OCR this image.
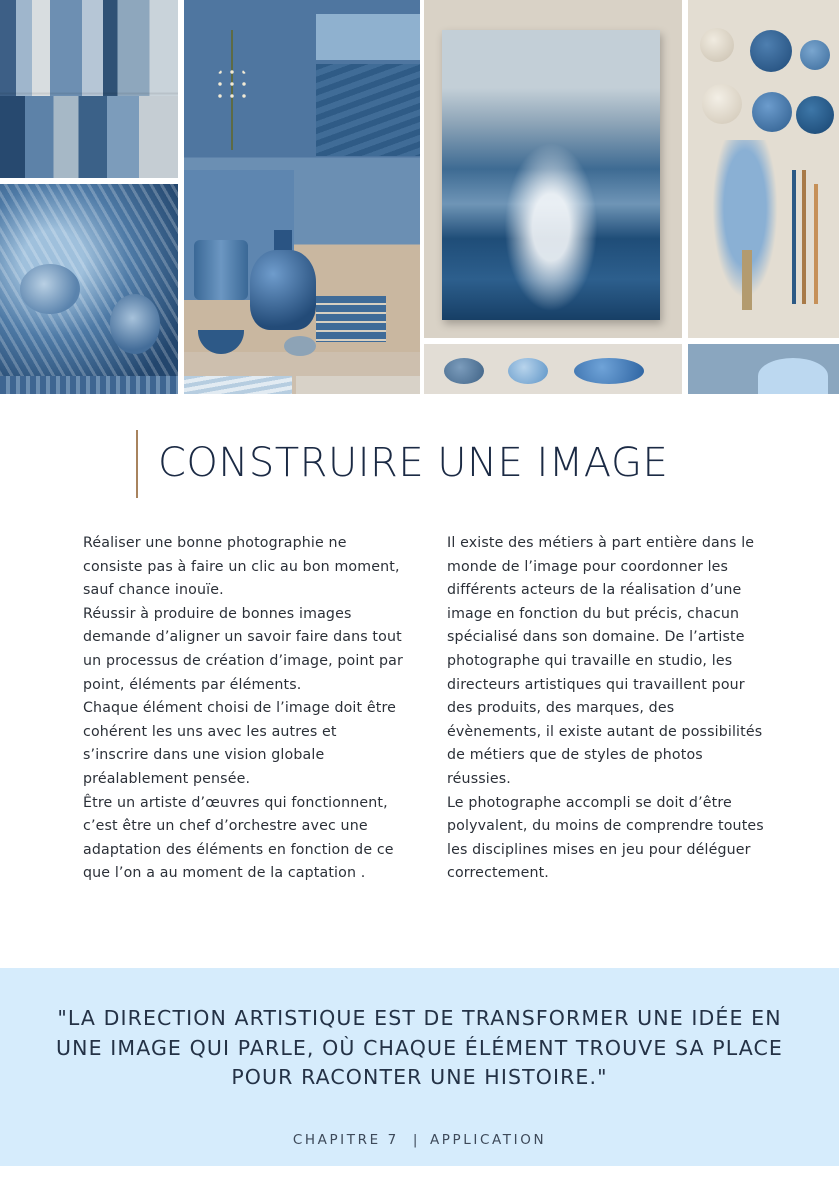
CONSTRUIRE UNE IMAGE

Réaliser une bonne photographie ne consiste pas à faire un clic au bon moment, sauf chance inouïe.

Réussir à produire de bonnes images demande d’aligner un savoir faire dans tout un processus de création d’image, point par point, éléments par éléments.

Chaque élément choisi de l’image doit être cohérent les uns avec les autres et s’inscrire dans une vision globale préalablement pensée.

Être un artiste d’œuvres qui fonctionnent, c’est être un chef d’orchestre avec une adaptation des éléments en fonction de ce que l’on a au moment de la captation .

Il existe des métiers à part entière dans le monde de l’image pour coordonner les différents acteurs de la réalisation d’une image en fonction du but précis, chacun spécialisé dans son domaine. De l’artiste photographe qui travaille en studio, les directeurs artistiques qui travaillent pour des produits, des marques, des évènements, il existe autant de possibilités de métiers que de styles de photos réussies.

Le photographe accompli se doit d’être polyvalent, du moins de comprendre toutes les disciplines mises en jeu pour déléguer correctement.

"LA DIRECTION ARTISTIQUE EST DE TRANSFORMER UNE IDÉE EN UNE IMAGE QUI PARLE, OÙ CHAQUE ÉLÉMENT TROUVE SA PLACE POUR RACONTER UNE HISTOIRE."

CHAPITRE 7 | APPLICATION
